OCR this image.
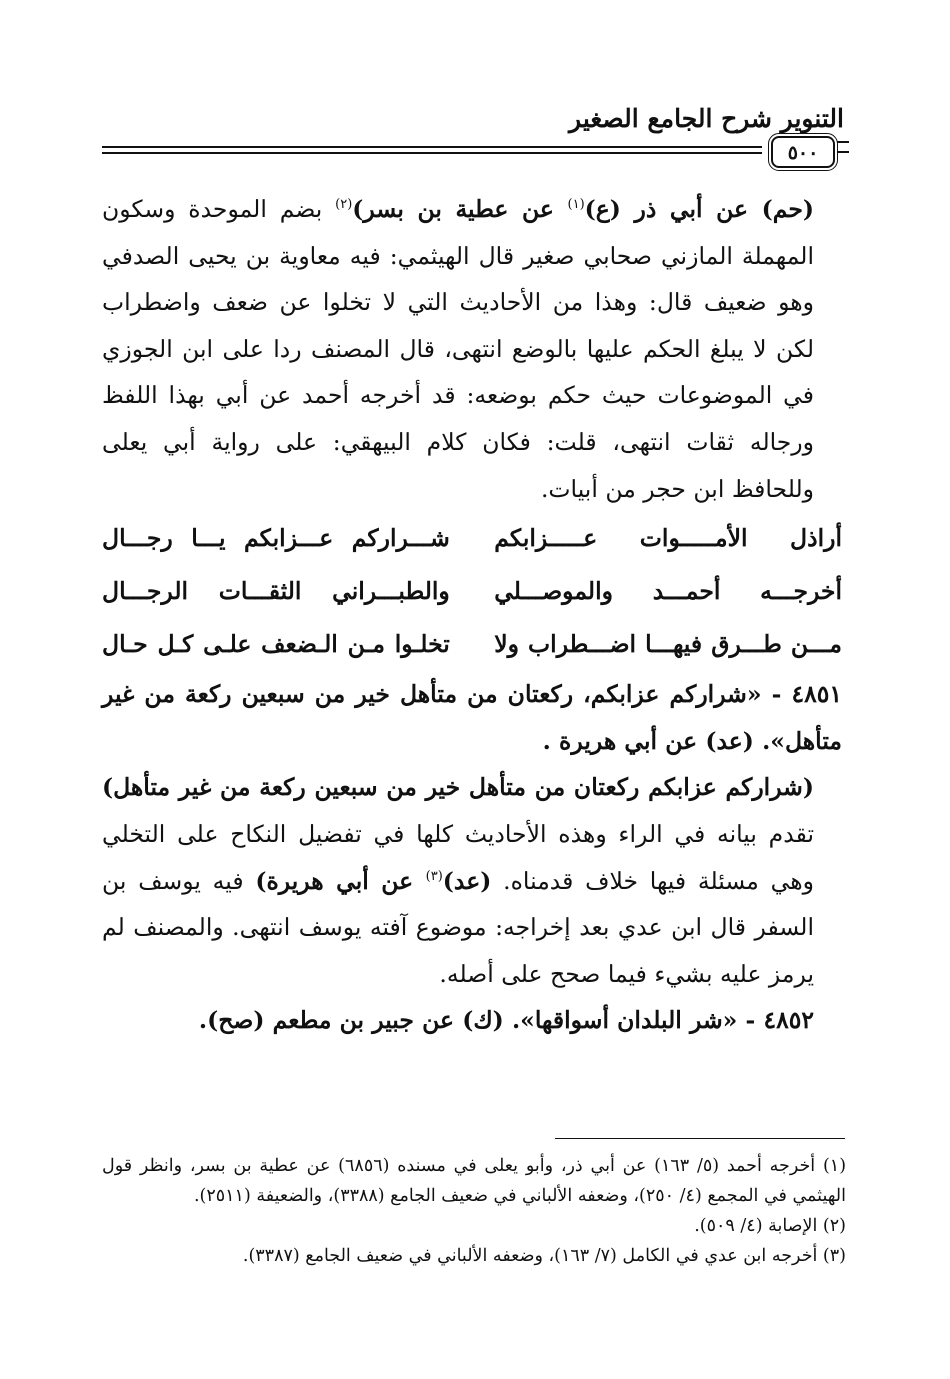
التنوير شرح الجامع الصغير
٥٠٠

(حم) عن أبي ذر (ع)$^{(١)}$ عن عطية بن بسر)$^{(٢)}$ بضم الموحدة وسكون المهملة المازني صحابي صغير قال الهيثمي: فيه معاوية بن يحيى الصدفي وهو ضعيف قال: وهذا من الأحاديث التي لا تخلوا عن ضعف واضطراب لكن لا يبلغ الحكم عليها بالوضع انتهى، قال المصنف ردا على ابن الجوزي في الموضوعات حيث حكم بوضعه: قد أخرجه أحمد عن أبي بهذا اللفظ ورجاله ثقات انتهى، قلت: فكان كلام البيهقي: على رواية أبي يعلى وللحافظ ابن حجر من أبيات.

أراذل الأمـــــوات عـــــزابكم
شـــراركم عـــزابكم يـــا رجـــال
أخرجـــه أحمـــد والموصـــلي
والطبـــراني الثقـــات الرجـــال
مـــن طـــرق فيهـــا اضـــطراب ولا
تخلـوا مـن الـضعف علـى كـل حـال

٤٨٥١ - «شراركم عزابكم، ركعتان من متأهل خير من سبعين ركعة من غير متأهل». (عد) عن أبي هريرة .

(شراركم عزابكم ركعتان من متأهل خير من سبعين ركعة من غير متأهل) تقدم بيانه في الراء وهذه الأحاديث كلها في تفضيل النكاح على التخلي وهي مسئلة فيها خلاف قدمناه. (عد)$^{(٣)}$ عن أبي هريرة) فيه يوسف بن السفر قال ابن عدي بعد إخراجه: موضوع آفته يوسف انتهى. والمصنف لم يرمز عليه بشيء فيما صحح على أصله.

٤٨٥٢ - «شر البلدان أسواقها». (ك) عن جبير بن مطعم (صح).

(١) أخرجه أحمد (٥/ ١٦٣) عن أبي ذر، وأبو يعلى في مسنده (٦٨٥٦) عن عطية بن بسر، وانظر قول الهيثمي في المجمع (٤/ ٢٥٠)، وضعفه الألباني في ضعيف الجامع (٣٣٨٨)، والضعيفة (٢٥١١).

(٢) الإصابة (٤/ ٥٠٩).

(٣) أخرجه ابن عدي في الكامل (٧/ ١٦٣)، وضعفه الألباني في ضعيف الجامع (٣٣٨٧).
